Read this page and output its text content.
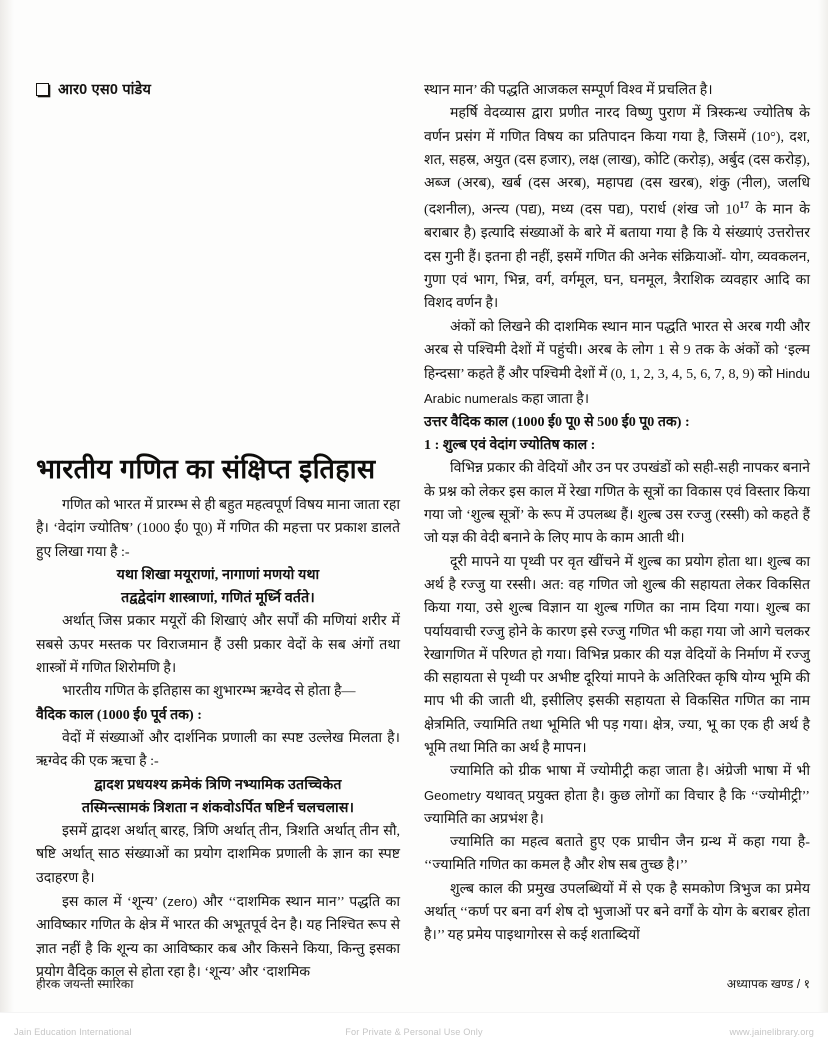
आर0 एस0 पांडेय
भारतीय गणित का संक्षिप्त इतिहास

गणित को भारत में प्रारम्भ से ही बहुत महत्वपूर्ण विषय माना जाता रहा है। ‘वेदांग ज्योतिष’ (1000 ई0 पू0) में गणित की महत्ता पर प्रकाश डालते हुए लिखा गया है :-

यथा शिखा मयूराणां, नागाणां मणयो यथा

तद्वद्वेदांग शास्त्राणां, गणितं मूर्ध्नि वर्तते।

अर्थात् जिस प्रकार मयूरों की शिखाएं और सर्पों की मणियां शरीर में सबसे ऊपर मस्तक पर विराजमान हैं उसी प्रकार वेदों के सब अंगों तथा शास्त्रों में गणित शिरोमणि है।

भारतीय गणित के इतिहास का शुभारम्भ ऋग्वेद से होता है—

वैदिक काल (1000 ई0 पूर्व तक) :

वेदों में संख्याओं और दार्शनिक प्रणाली का स्पष्ट उल्लेख मिलता है। ऋग्वेद की एक ऋचा है :-

द्वादश प्रधयश्य क्रमेकं त्रिणि नभ्यामिक उतच्चिकेत

तस्मिन्त्सामकं त्रिशता न शंकवोऽर्पित षष्टिर्न चलचलास।

इसमें द्वादश अर्थात् बारह, त्रिणि अर्थात् तीन, त्रिशति अर्थात् तीन सौ, षष्टि अर्थात् साठ संख्याओं का प्रयोग दाशमिक प्रणाली के ज्ञान का स्पष्ट उदाहरण है।

इस काल में ‘शून्य’ (zero) और ‘‘दाशमिक स्थान मान’’ पद्धति का आविष्कार गणित के क्षेत्र में भारत की अभूतपूर्व देन है। यह निश्चित रूप से ज्ञात नहीं है कि शून्य का आविष्कार कब और किसने किया, किन्तु इसका प्रयोग वैदिक काल से होता रहा है। ‘शून्य’ और ‘दाशमिक

स्थान मान’ की पद्धति आजकल सम्पूर्ण विश्व में प्रचलित है।

महर्षि वेदव्यास द्वारा प्रणीत नारद विष्णु पुराण में त्रिस्कन्ध ज्योतिष के वर्णन प्रसंग में गणित विषय का प्रतिपादन किया गया है, जिसमें (10°), दश, शत, सहस्र, अयुत (दस हजार), लक्ष (लाख), कोटि (करोड़), अर्बुद (दस करोड़), अब्ज (अरब), खर्ब (दस अरब), महापद्य (दस खरब), शंकु (नील), जलधि (दशनील), अन्त्य (पद्य), मध्य (दस पद्य), परार्ध (शंख जो $10^{17}$ के मान के बराबार है) इत्यादि संख्याओं के बारे में बताया गया है कि ये संख्याएं उत्तरोत्तर दस गुनी हैं। इतना ही नहीं, इसमें गणित की अनेक संक्रियाओं- योग, व्यवकलन, गुणा एवं भाग, भिन्न, वर्ग, वर्गमूल, घन, घनमूल, त्रैराशिक व्यवहार आदि का विशद वर्णन है।

अंकों को लिखने की दाशमिक स्थान मान पद्धति भारत से अरब गयी और अरब से पश्चिमी देशों में पहुंची। अरब के लोग 1 से 9 तक के अंकों को ‘इल्म हिन्दसा’ कहते हैं और पश्चिमी देशों में (0, 1, 2, 3, 4, 5, 6, 7, 8, 9) को Hindu Arabic numerals कहा जाता है।

उत्तर वैदिक काल (1000 ई0 पू0 से 500 ई0 पू0 तक) :

1 : शुल्ब एवं वेदांग ज्योतिष काल :

विभिन्न प्रकार की वेदियों और उन पर उपखंडों को सही-सही नापकर बनाने के प्रश्न को लेकर इस काल में रेखा गणित के सूत्रों का विकास एवं विस्तार किया गया जो ‘शुल्ब सूत्रों’ के रूप में उपलब्ध हैं। शुल्ब उस रज्जु (रस्सी) को कहते हैं जो यज्ञ की वेदी बनाने के लिए माप के काम आती थी।

दूरी मापने या पृथ्वी पर वृत खींचने में शुल्ब का प्रयोग होता था। शुल्ब का अर्थ है रज्जु या रस्सी। अत: वह गणित जो शुल्ब की सहायता लेकर विकसित किया गया, उसे शुल्ब विज्ञान या शुल्ब गणित का नाम दिया गया। शुल्ब का पर्यायवाची रज्जु होने के कारण इसे रज्जु गणित भी कहा गया जो आगे चलकर रेखागणित में परिणत हो गया। विभिन्न प्रकार की यज्ञ वेदियों के निर्माण में रज्जु की सहायता से पृथ्वी पर अभीष्ट दूरियां मापने के अतिरिक्त कृषि योग्य भूमि की माप भी की जाती थी, इसीलिए इसकी सहायता से विकसित गणित का नाम क्षेत्रमिति, ज्यामिति तथा भूमिति भी पड़ गया। क्षेत्र, ज्या, भू का एक ही अर्थ है भूमि तथा मिति का अर्थ है मापन।

ज्यामिति को ग्रीक भाषा में ज्योमीट्री कहा जाता है। अंग्रेजी भाषा में भी Geometry यथावत् प्रयुक्त होता है। कुछ लोगों का विचार है कि ‘‘ज्योमीट्री’’ ज्यामिति का अप्रभंश है।

ज्यामिति का महत्व बताते हुए एक प्राचीन जैन ग्रन्थ में कहा गया है- ‘‘ज्यामिति गणित का कमल है और शेष सब तुच्छ है।’’

शुल्ब काल की प्रमुख उपलब्धियों में से एक है समकोण त्रिभुज का प्रमेय अर्थात् ‘‘कर्ण पर बना वर्ग शेष दो भुजाओं पर बने वर्गों के योग के बराबर होता है।’’ यह प्रमेय पाइथागोरस से कई शताब्दियों

हीरक जयन्ती स्मारिका	अध्यापक खण्ड / १
Jain Education International	For Private & Personal Use Only	www.jainelibrary.org
